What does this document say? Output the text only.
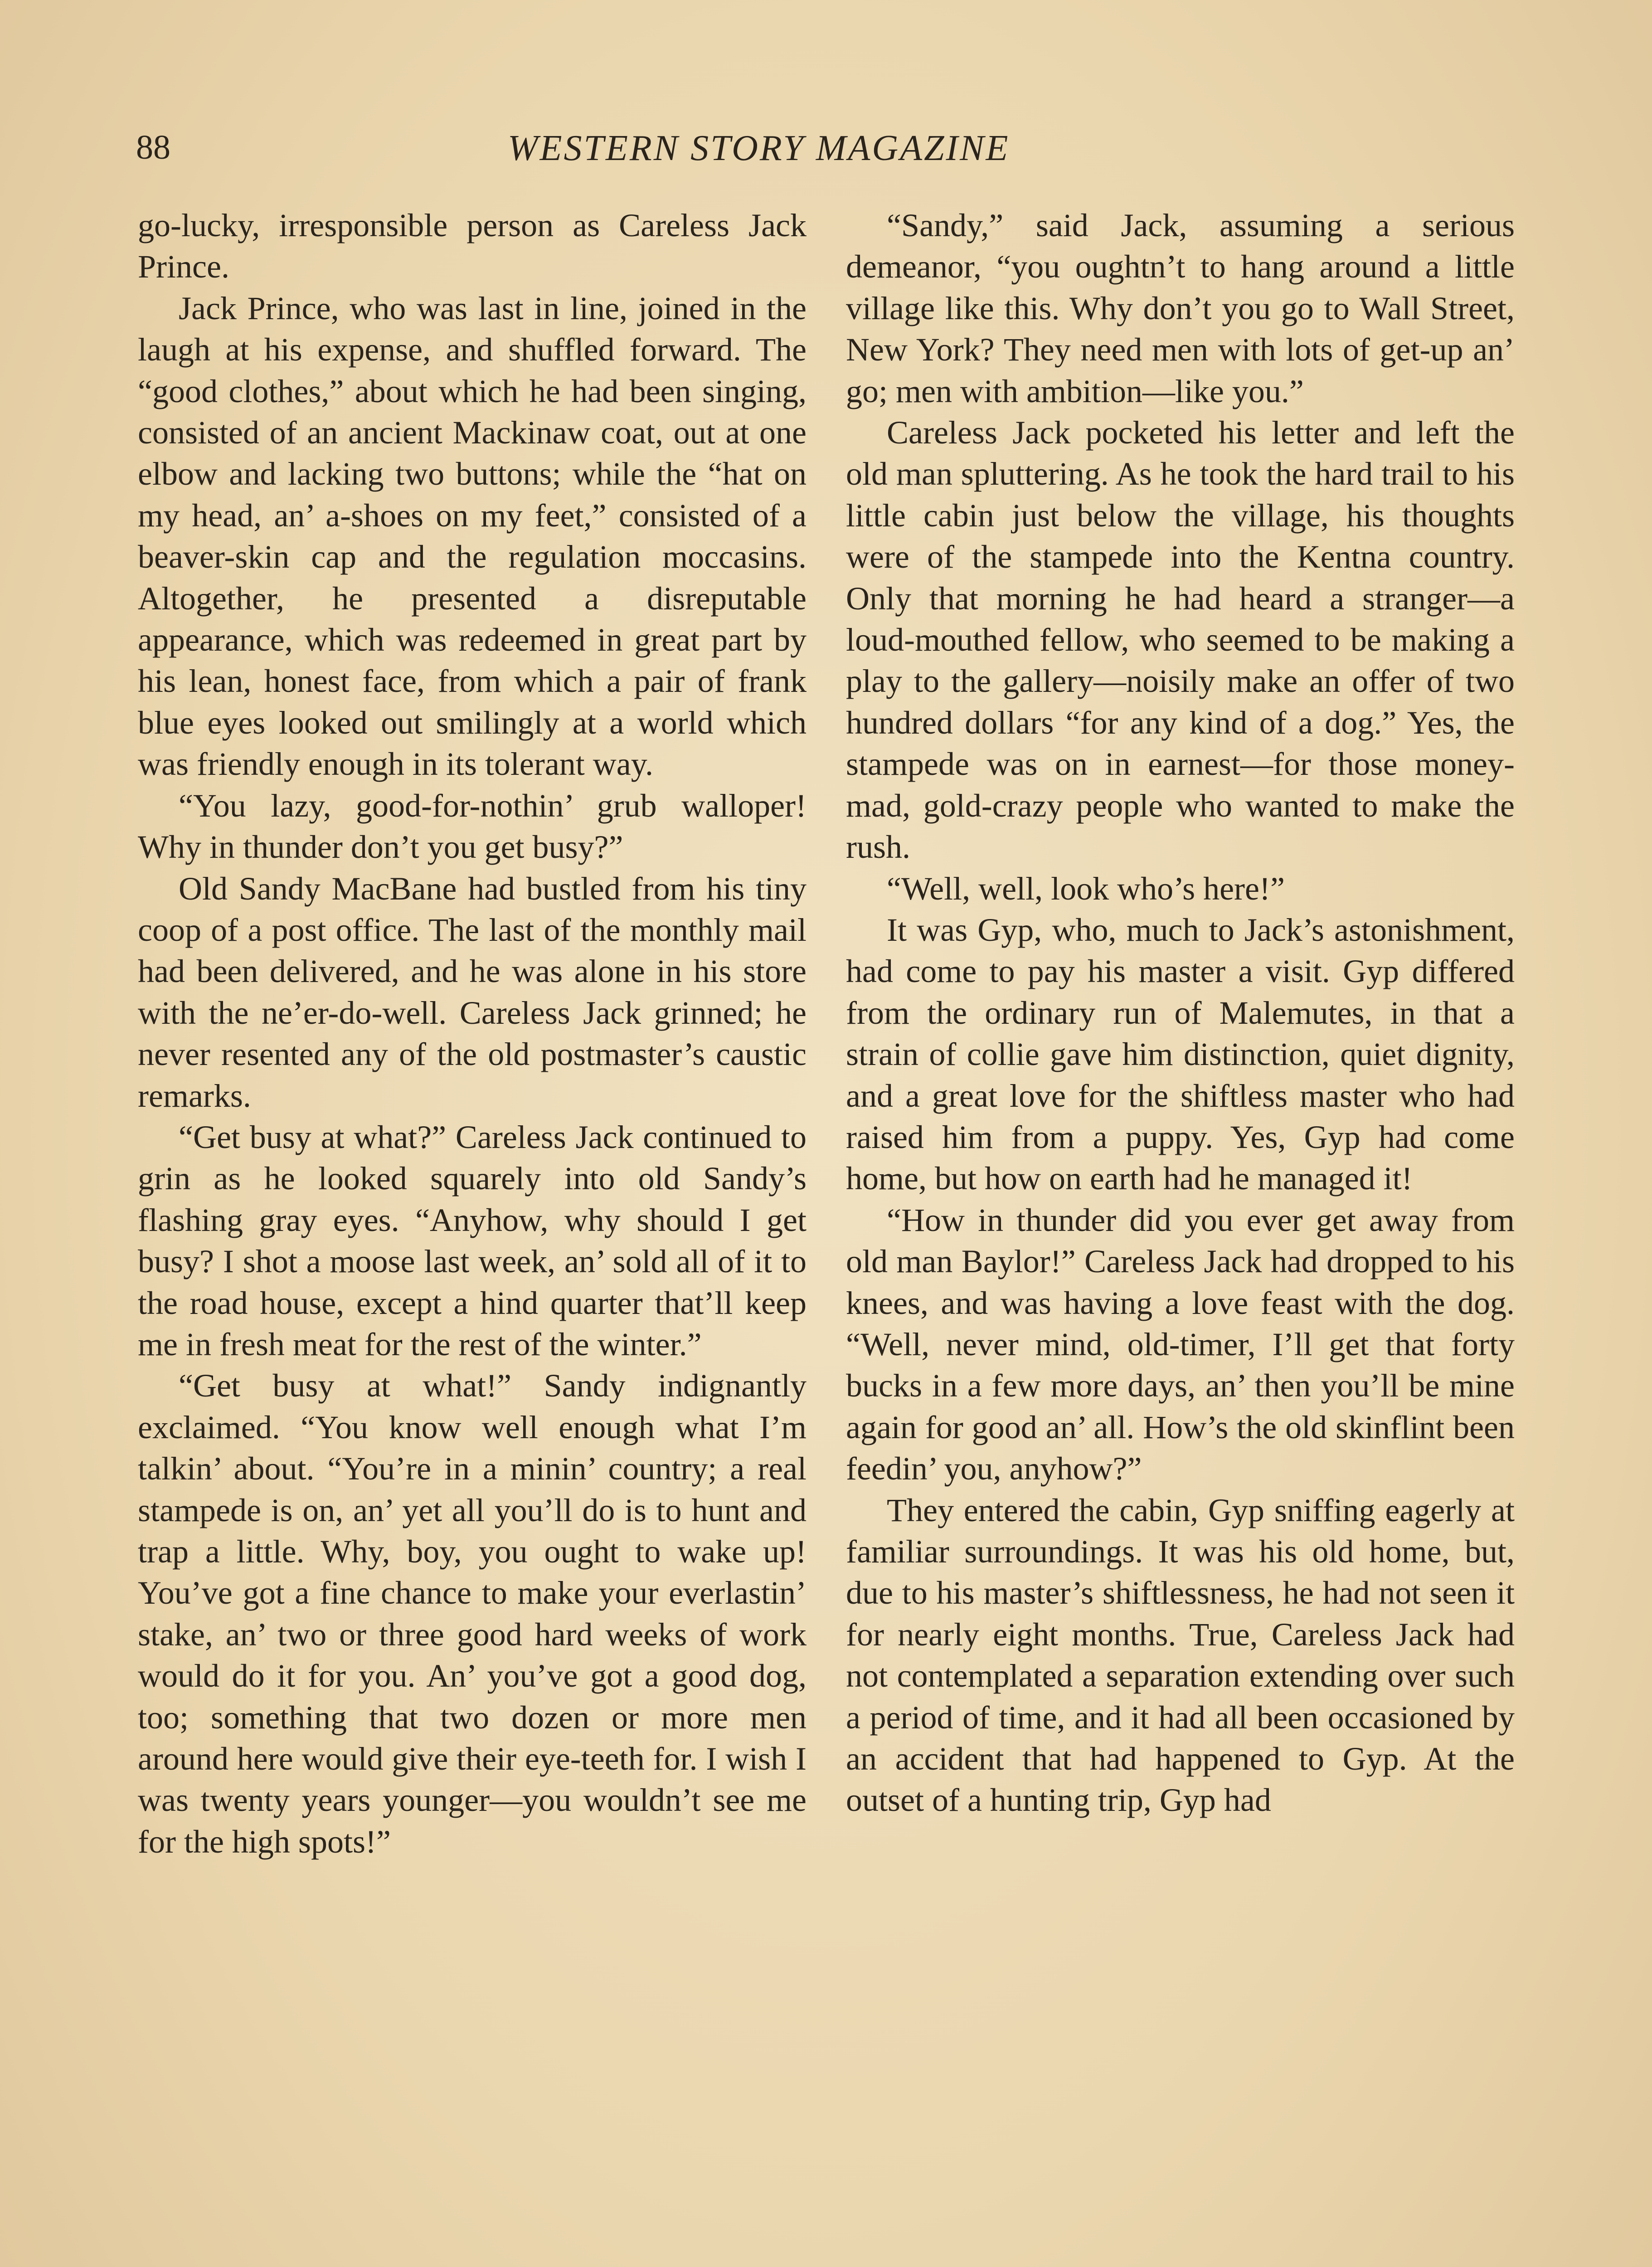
88	WESTERN STORY MAGAZINE

go-lucky, irresponsible person as Careless Jack Prince.

Jack Prince, who was last in line, joined in the laugh at his expense, and shuffled forward. The “good clothes,” about which he had been singing, consisted of an ancient Mackinaw coat, out at one elbow and lacking two buttons; while the “hat on my head, an’ a-shoes on my feet,” consisted of a beaver-skin cap and the regulation moccasins. Altogether, he presented a disreputable appearance, which was redeemed in great part by his lean, honest face, from which a pair of frank blue eyes looked out smilingly at a world which was friendly enough in its tolerant way.

“You lazy, good-for-nothin’ grub walloper! Why in thunder don’t you get busy?”

Old Sandy MacBane had bustled from his tiny coop of a post office. The last of the monthly mail had been delivered, and he was alone in his store with the ne’er-do-well. Careless Jack grinned; he never resented any of the old postmaster’s caustic remarks.

“Get busy at what?” Careless Jack continued to grin as he looked squarely into old Sandy’s flashing gray eyes. “Anyhow, why should I get busy? I shot a moose last week, an’ sold all of it to the road house, except a hind quarter that’ll keep me in fresh meat for the rest of the winter.”

“Get busy at what!” Sandy indignantly exclaimed. “You know well enough what I’m talkin’ about. “You’re in a minin’ country; a real stampede is on, an’ yet all you’ll do is to hunt and trap a little. Why, boy, you ought to wake up! You’ve got a fine chance to make your everlastin’ stake, an’ two or three good hard weeks of work would do it for you. An’ you’ve got a good dog, too; something that two dozen or more men around here would give their eye-teeth for. I wish I was twenty years younger—you wouldn’t see me for the high spots!”

“Sandy,” said Jack, assuming a serious demeanor, “you oughtn’t to hang around a little village like this. Why don’t you go to Wall Street, New York? They need men with lots of get-up an’ go; men with ambition—like you.”

Careless Jack pocketed his letter and left the old man spluttering. As he took the hard trail to his little cabin just below the village, his thoughts were of the stampede into the Kentna country. Only that morning he had heard a stranger—a loud-mouthed fellow, who seemed to be making a play to the gallery—noisily make an offer of two hundred dollars “for any kind of a dog.” Yes, the stampede was on in earnest—for those money-mad, gold-crazy people who wanted to make the rush.

“Well, well, look who’s here!”

It was Gyp, who, much to Jack’s astonishment, had come to pay his master a visit. Gyp differed from the ordinary run of Malemutes, in that a strain of collie gave him distinction, quiet dignity, and a great love for the shiftless master who had raised him from a puppy. Yes, Gyp had come home, but how on earth had he managed it!

“How in thunder did you ever get away from old man Baylor!” Careless Jack had dropped to his knees, and was having a love feast with the dog. “Well, never mind, old-timer, I’ll get that forty bucks in a few more days, an’ then you’ll be mine again for good an’ all. How’s the old skinflint been feedin’ you, anyhow?”

They entered the cabin, Gyp sniffing eagerly at familiar surroundings. It was his old home, but, due to his master’s shiftlessness, he had not seen it for nearly eight months. True, Careless Jack had not contemplated a separation extending over such a period of time, and it had all been occasioned by an accident that had happened to Gyp. At the outset of a hunting trip, Gyp had
